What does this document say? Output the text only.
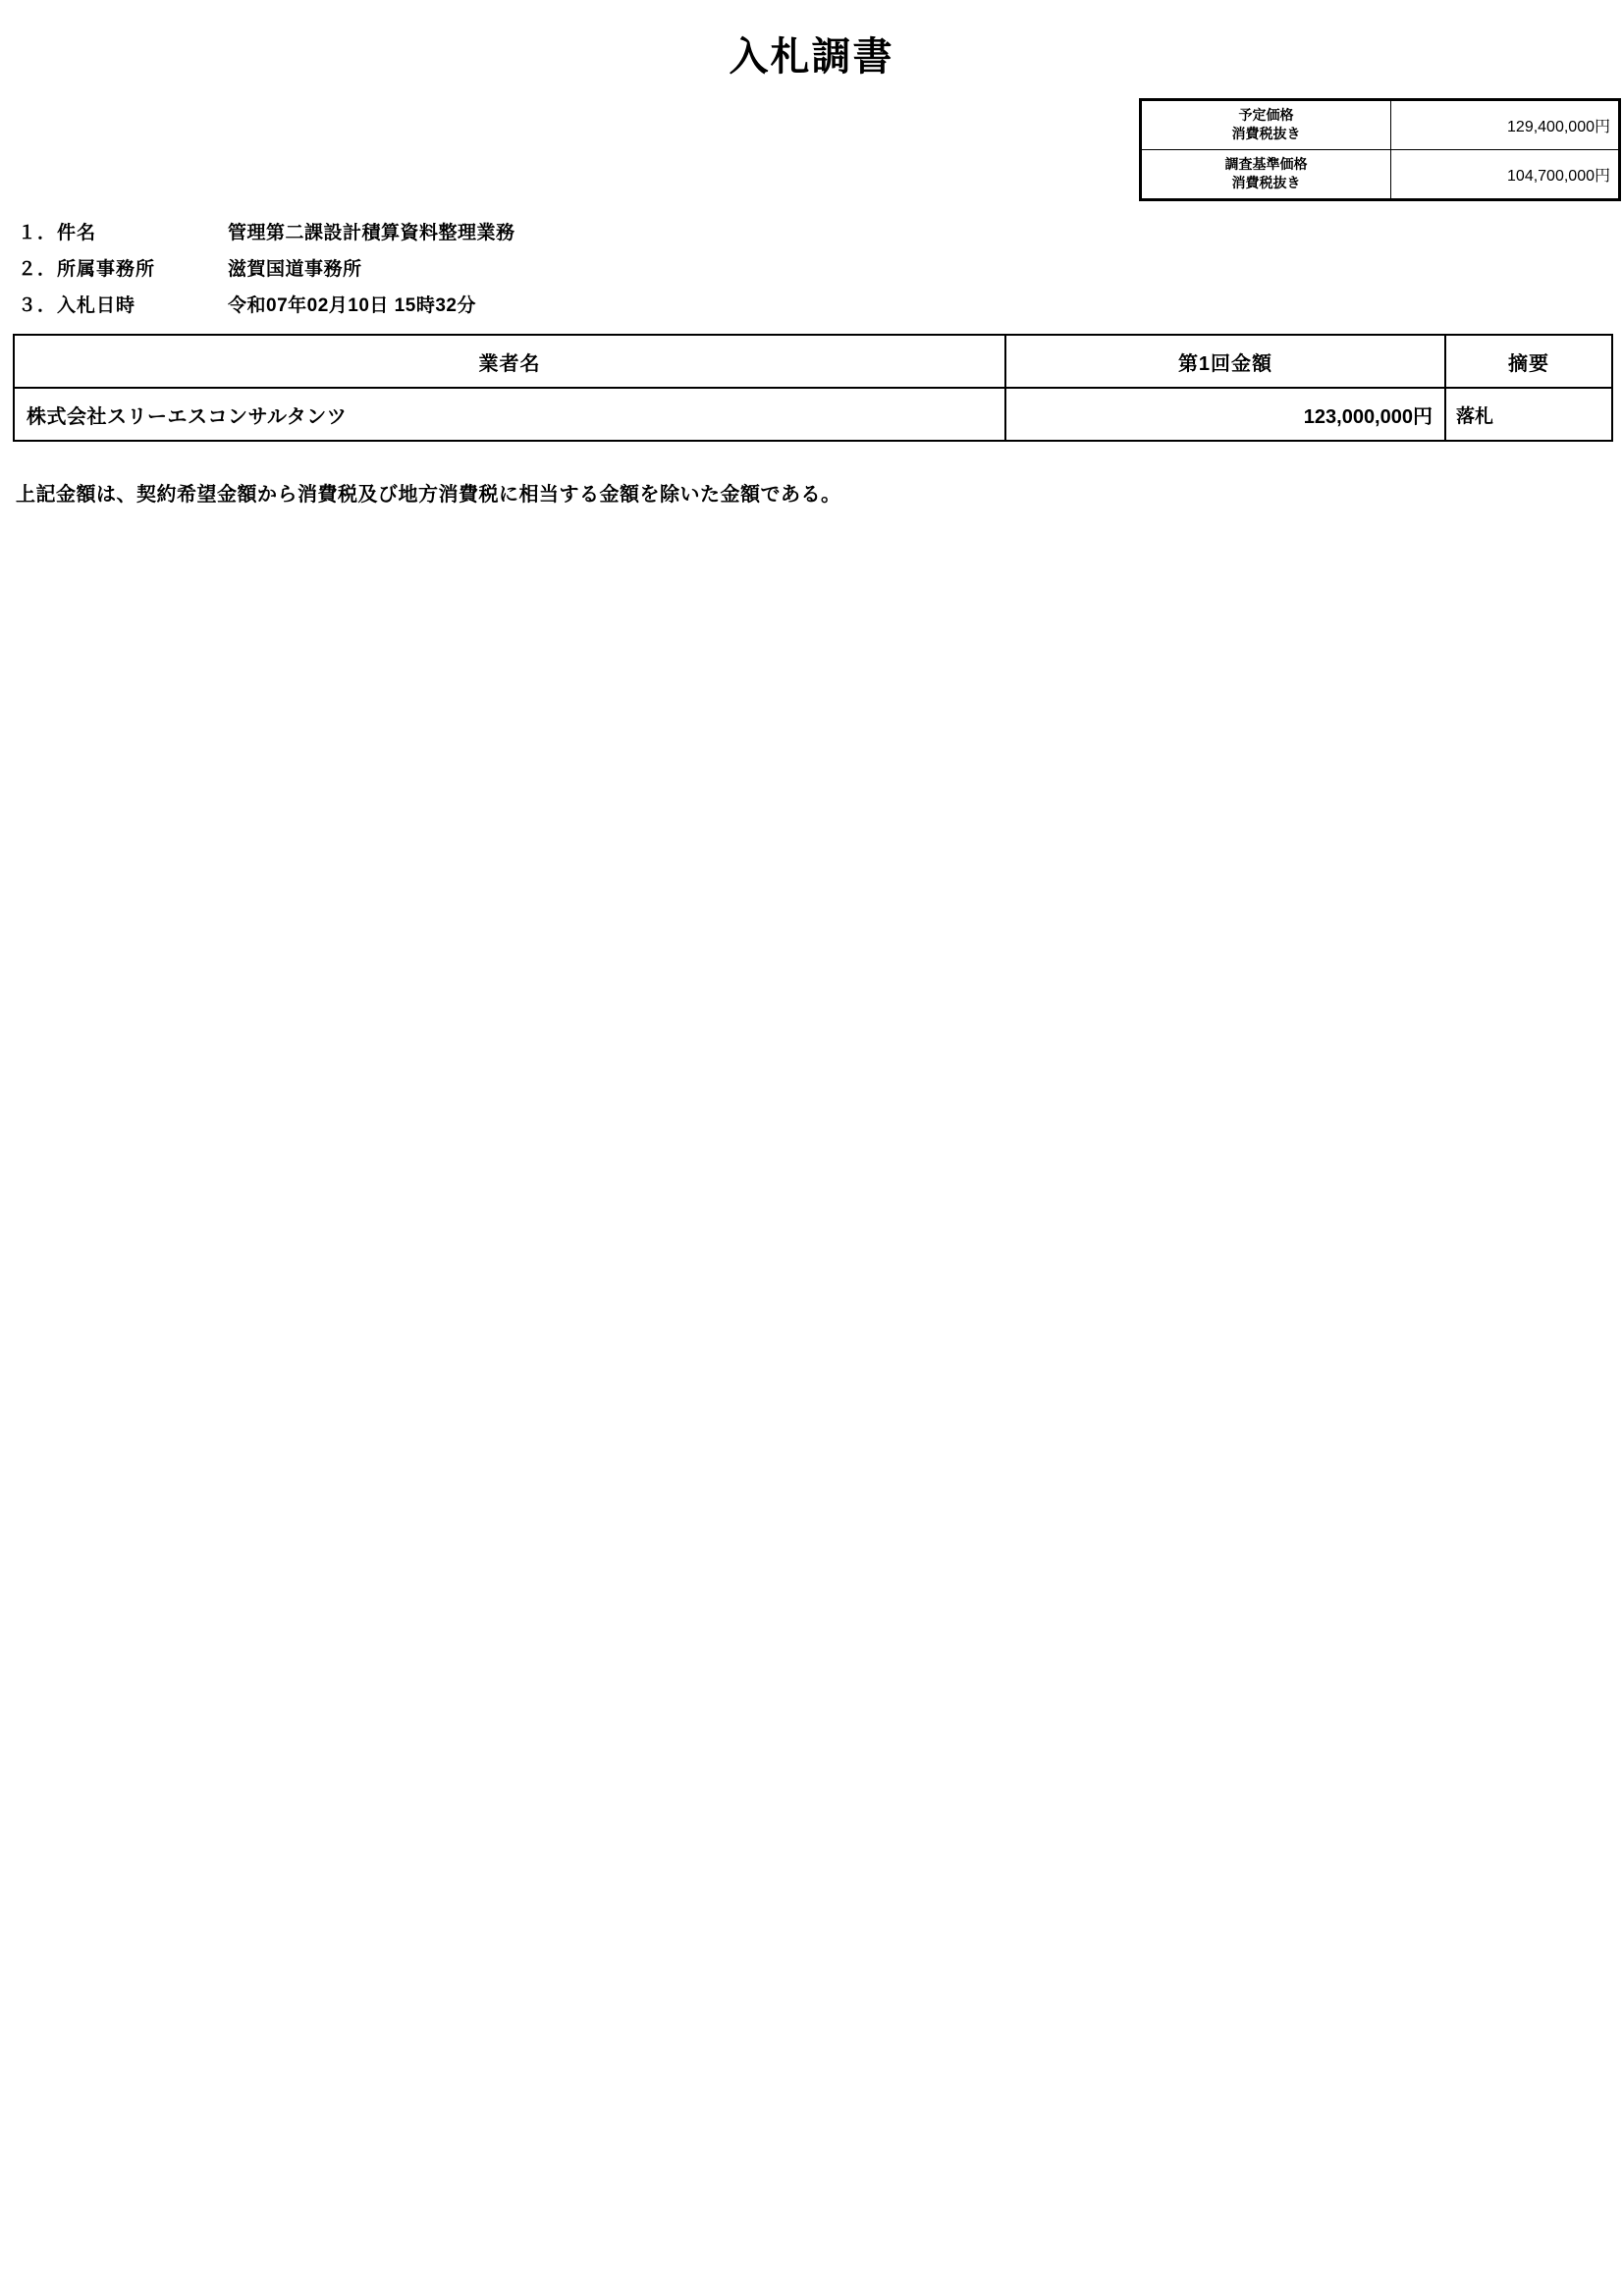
入札調書
予定価格
消費税抜き	129,400,000円

調査基準価格
消費税抜き	104,700,000円
１．件名	管理第二課設計積算資料整理業務
２．所属事務所	滋賀国道事務所
３．入札日時	令和07年02月10日 15時32分
業者名	第1回金額	摘要
株式会社スリーエスコンサルタンツ	123,000,000円	落札
上記金額は、契約希望金額から消費税及び地方消費税に相当する金額を除いた金額である。
